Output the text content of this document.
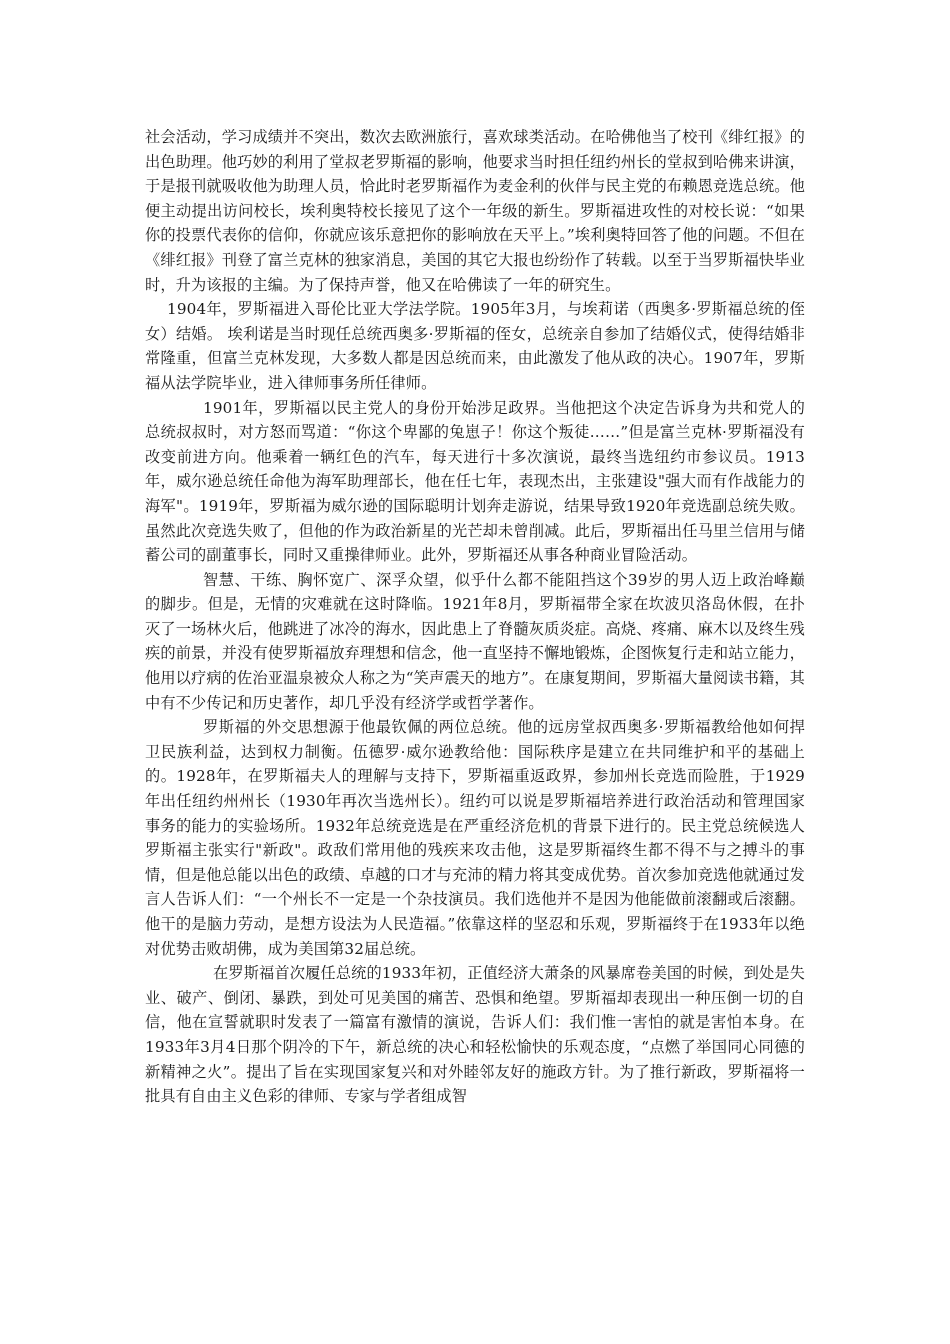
社会活动，学习成绩并不突出，数次去欧洲旅行，喜欢球类活动。在哈佛他当了校刊《绯红报》的出色助理。他巧妙的利用了堂叔老罗斯福的影响，他要求当时担任纽约州长的堂叔到哈佛来讲演，于是报刊就吸收他为助理人员，恰此时老罗斯福作为麦金利的伙伴与民主党的布赖恩竞选总统。他便主动提出访问校长，埃利奥特校长接见了这个一年级的新生。罗斯福进攻性的对校长说：“如果你的投票代表你的信仰，你就应该乐意把你的影响放在天平上。”埃利奥特回答了他的问题。不但在《绯红报》刊登了富兰克林的独家消息，美国的其它大报也纷纷作了转载。以至于当罗斯福快毕业时，升为该报的主编。为了保持声誉，他又在哈佛读了一年的研究生。

1904年，罗斯福进入哥伦比亚大学法学院。1905年3月，与埃莉诺（西奥多·罗斯福总统的侄女）结婚。 埃利诺是当时现任总统西奥多·罗斯福的侄女，总统亲自参加了结婚仪式，使得结婚非常隆重，但富兰克林发现，大多数人都是因总统而来，由此激发了他从政的决心。1907年，罗斯福从法学院毕业，进入律师事务所任律师。

1901年，罗斯福以民主党人的身份开始涉足政界。当他把这个决定告诉身为共和党人的总统叔叔时，对方怒而骂道：“你这个卑鄙的兔崽子！你这个叛徒……”但是富兰克林·罗斯福没有改变前进方向。他乘着一辆红色的汽车，每天进行十多次演说，最终当选纽约市参议员。1913年，威尔逊总统任命他为海军助理部长，他在任七年，表现杰出，主张建设"强大而有作战能力的海军"。1919年，罗斯福为威尔逊的国际聪明计划奔走游说，结果导致1920年竞选副总统失败。虽然此次竞选失败了，但他的作为政治新星的光芒却未曾削减。此后，罗斯福出任马里兰信用与储蓄公司的副董事长，同时又重操律师业。此外，罗斯福还从事各种商业冒险活动。

智慧、干练、胸怀宽广、深孚众望，似乎什么都不能阻挡这个39岁的男人迈上政治峰巅的脚步。但是，无情的灾难就在这时降临。1921年8月，罗斯福带全家在坎波贝洛岛休假，在扑灭了一场林火后，他跳进了冰冷的海水，因此患上了脊髓灰质炎症。高烧、疼痛、麻木以及终生残疾的前景，并没有使罗斯福放弃理想和信念，他一直坚持不懈地锻炼，企图恢复行走和站立能力，他用以疗病的佐治亚温泉被众人称之为“笑声震天的地方”。在康复期间，罗斯福大量阅读书籍，其中有不少传记和历史著作，却几乎没有经济学或哲学著作。

罗斯福的外交思想源于他最钦佩的两位总统。他的远房堂叔西奥多·罗斯福教给他如何捍卫民族利益，达到权力制衡。伍德罗·威尔逊教给他：国际秩序是建立在共同维护和平的基础上的。1928年，在罗斯福夫人的理解与支持下，罗斯福重返政界，参加州长竞选而险胜，于1929年出任纽约州州长（1930年再次当选州长）。纽约可以说是罗斯福培养进行政治活动和管理国家事务的能力的实验场所。1932年总统竞选是在严重经济危机的背景下进行的。民主党总统候选人罗斯福主张实行"新政"。政敌们常用他的残疾来攻击他，这是罗斯福终生都不得不与之搏斗的事情，但是他总能以出色的政绩、卓越的口才与充沛的精力将其变成优势。首次参加竞选他就通过发言人告诉人们：“一个州长不一定是一个杂技演员。我们选他并不是因为他能做前滚翻或后滚翻。他干的是脑力劳动，是想方设法为人民造福。”依靠这样的坚忍和乐观，罗斯福终于在1933年以绝对优势击败胡佛，成为美国第32届总统。

在罗斯福首次履任总统的1933年初，正值经济大萧条的风暴席卷美国的时候，到处是失业、破产、倒闭、暴跌，到处可见美国的痛苦、恐惧和绝望。罗斯福却表现出一种压倒一切的自信，他在宣誓就职时发表了一篇富有激情的演说，告诉人们：我们惟一害怕的就是害怕本身。在1933年3月4日那个阴冷的下午，新总统的决心和轻松愉快的乐观态度，“点燃了举国同心同德的新精神之火”。提出了旨在实现国家复兴和对外睦邻友好的施政方针。为了推行新政，罗斯福将一批具有自由主义色彩的律师、专家与学者组成智
